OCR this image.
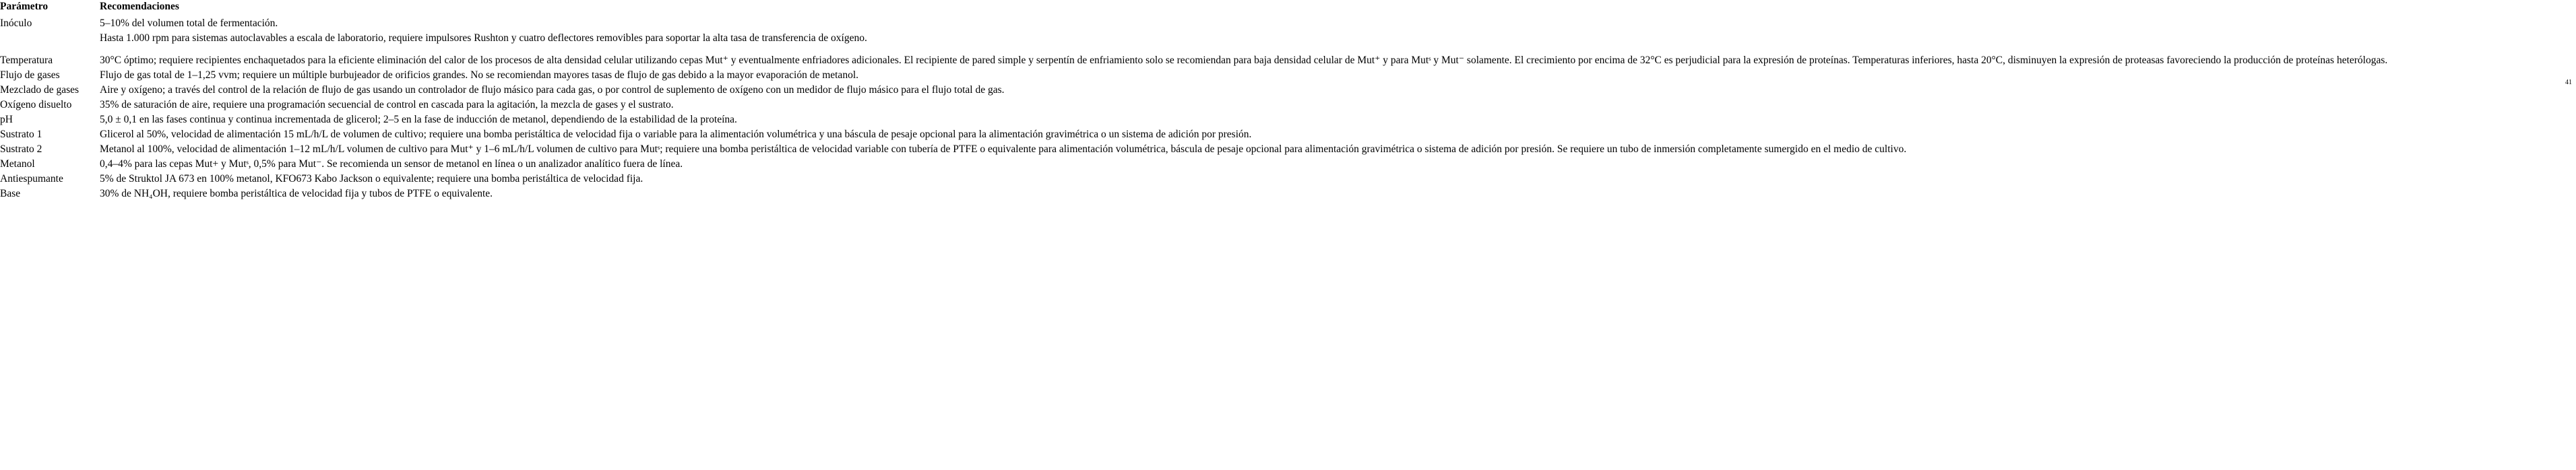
Parámetro	Recomendaciones
Inóculo	5–10% del volumen total de fermentación.
	Hasta 1.000 rpm para sistemas autoclavables a escala de laboratorio, requiere impulsores Rushton y cuatro deflectores removibles para soportar la alta tasa de transferencia de oxígeno.

Temperatura	30°C óptimo; requiere recipientes enchaquetados para la eficiente eliminación del calor de los procesos de alta densidad celular utilizando cepas Mut⁺ y eventualmente enfriadores adicionales. El recipiente de pared simple y serpentín de enfriamiento solo se recomiendan para baja densidad celular de Mut⁺ y para Mutˢ y Mut⁻ solamente. El crecimiento por encima de 32°C es perjudicial para la expresión de proteínas. Temperaturas inferiores, hasta 20°C, disminuyen la expresión de proteasas favoreciendo la producción de proteínas heterólogas.
Flujo de gases	Flujo de gas total de 1–1,25 vvm; requiere un múltiple burbujeador de orificios grandes. No se recomiendan mayores tasas de flujo de gas debido a la mayor evaporación de metanol.
Mezclado de gases	Aire y oxígeno; a través del control de la relación de flujo de gas usando un controlador de flujo másico para cada gas, o por control de suplemento de oxígeno con un medidor de flujo másico para el flujo total de gas.
Oxígeno disuelto	35% de saturación de aire, requiere una programación secuencial de control en cascada para la agitación, la mezcla de gases y el sustrato.
pH	5,0 ± 0,1 en las fases continua y continua incrementada de glicerol; 2–5 en la fase de inducción de metanol, dependiendo de la estabilidad de la proteína.
Sustrato 1	Glicerol al 50%, velocidad de alimentación 15 mL/h/L de volumen de cultivo; requiere una bomba peristáltica de velocidad fija o variable para la alimentación volumétrica y una báscula de pesaje opcional para la alimentación gravimétrica o un sistema de adición por presión.
Sustrato 2	Metanol al 100%, velocidad de alimentación 1–12 mL/h/L volumen de cultivo para Mut⁺ y 1–6 mL/h/L volumen de cultivo para Mutˢ; requiere una bomba peristáltica de velocidad variable con tubería de PTFE o equivalente para alimentación volumétrica, báscula de pesaje opcional para alimentación gravimétrica o sistema de adición por presión. Se requiere un tubo de inmersión completamente sumergido en el medio de cultivo.
Metanol	0,4–4% para las cepas Mut+ y Mutˢ, 0,5% para Mut⁻. Se recomienda un sensor de metanol en línea o un analizador analítico fuera de línea.
Antiespumante	5% de Struktol JA 673 en 100% metanol, KFO673 Kabo Jackson o equivalente; requiere una bomba peristáltica de velocidad fija.
Base	30% de NH₄OH, requiere bomba peristáltica de velocidad fija y tubos de PTFE o equivalente.
41
